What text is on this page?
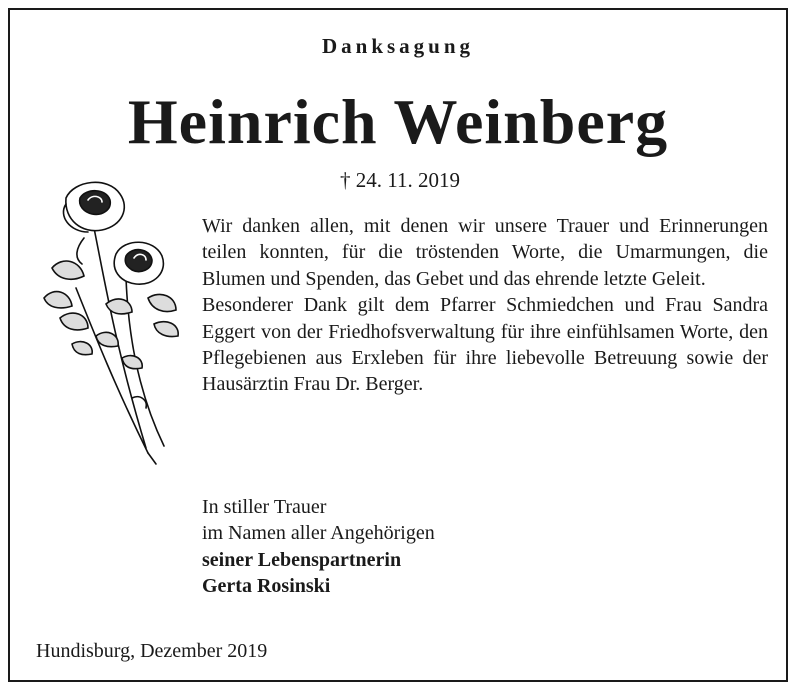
Danksagung
Heinrich Weinberg
† 24. 11. 2019

Wir danken allen, mit denen wir unsere Trauer und Erinnerungen teilen konnten, für die tröstenden Worte, die Umarmungen, die Blumen und Spenden, das Gebet und das ehrende letzte Geleit.

Besonderer Dank gilt dem Pfarrer Schmiedchen und Frau Sandra Eggert von der Friedhofsverwaltung für ihre einfühlsamen Worte, den Pflegebienen aus Erxleben für ihre liebevolle Betreuung sowie der Hausärztin Frau Dr. Berger.

In stiller Trauer
im Namen aller Angehörigen
seiner Lebenspartnerin
Gerta Rosinski
Hundisburg, Dezember 2019
